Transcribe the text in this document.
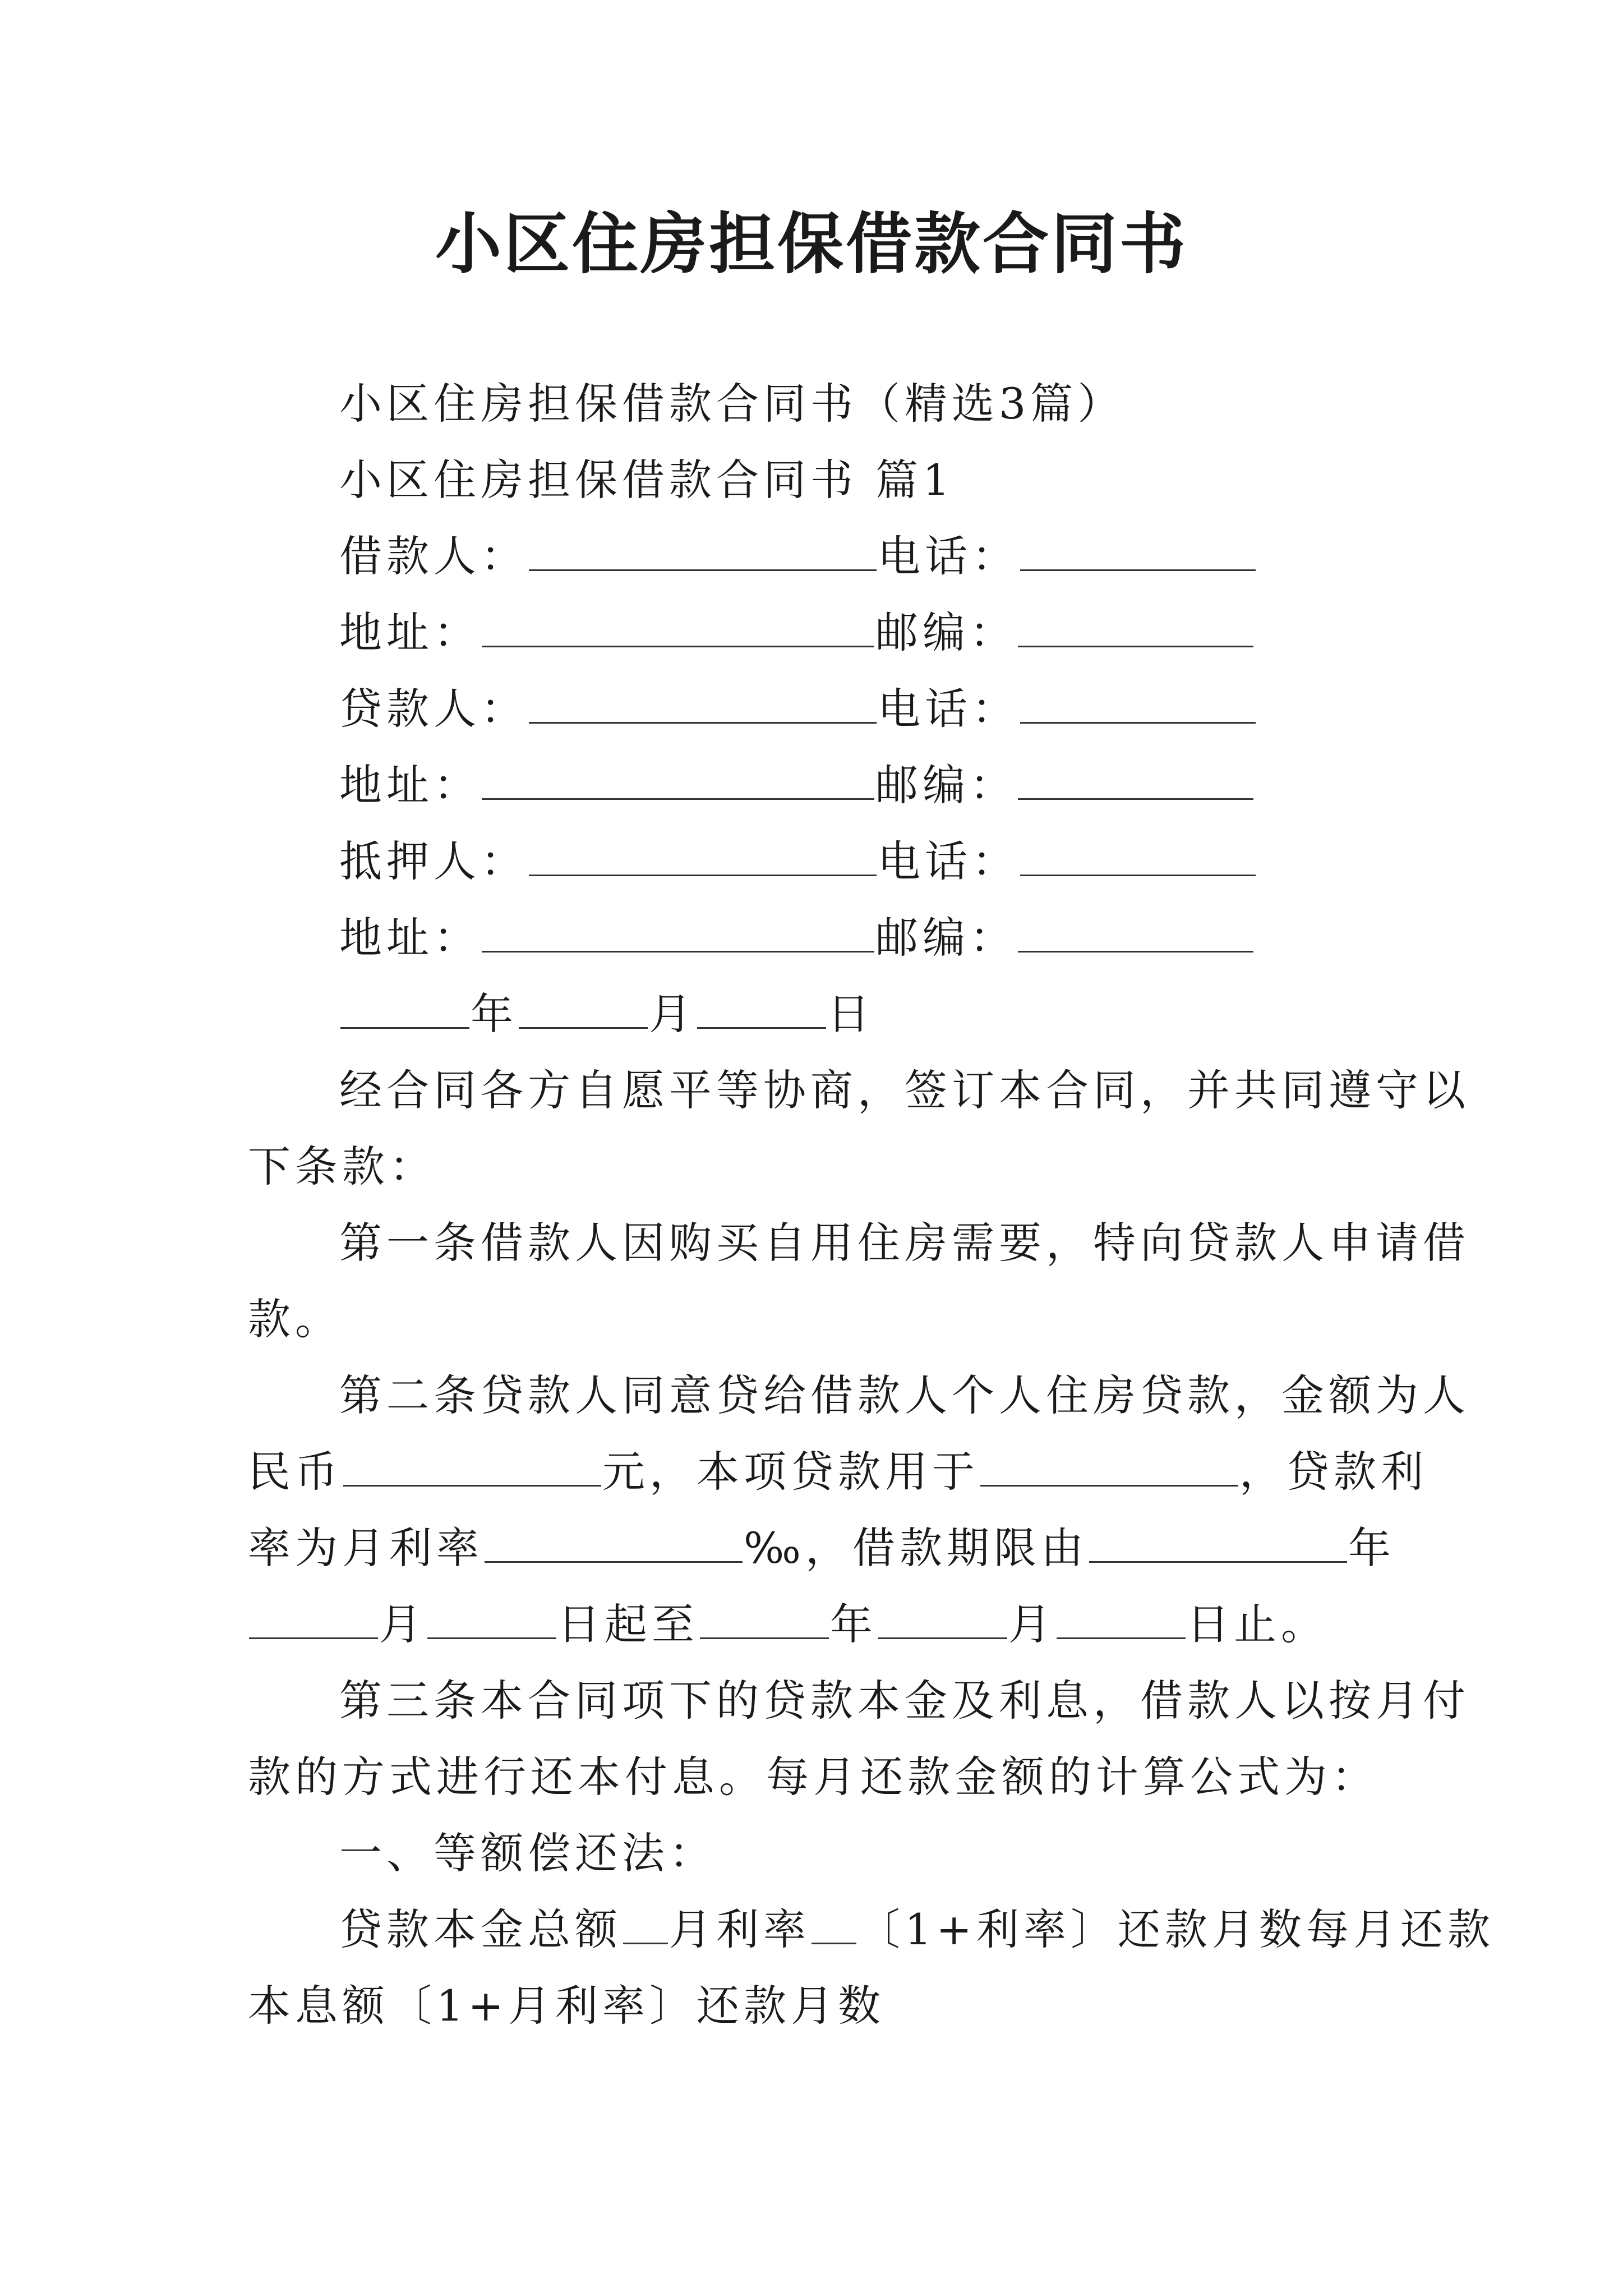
小区住房担保借款合同书
小区住房担保借款合同书（精选3篇）
小区住房担保借款合同书 篇1
借款人：	电话：
地址：	邮编：
贷款人：	电话：
地址：	邮编：
抵押人：	电话：
地址：	邮编：
年	月	日
经合同各方自愿平等协商，签订本合同，并共同遵守以
下条款：
第一条借款人因购买自用住房需要，特向贷款人申请借
款。
第二条贷款人同意贷给借款人个人住房贷款，金额为人
民币	元，本项贷款用于	，贷款利
率为月利率	‰，借款期限由	年
月	日起至	年	月	日止。
第三条本合同项下的贷款本金及利息，借款人以按月付
款的方式进行还本付息。每月还款金额的计算公式为：
一、等额偿还法：
贷款本金总额 月利率 〔1+利率〕还款月数每月还款
本息额〔1+月利率〕还款月数
